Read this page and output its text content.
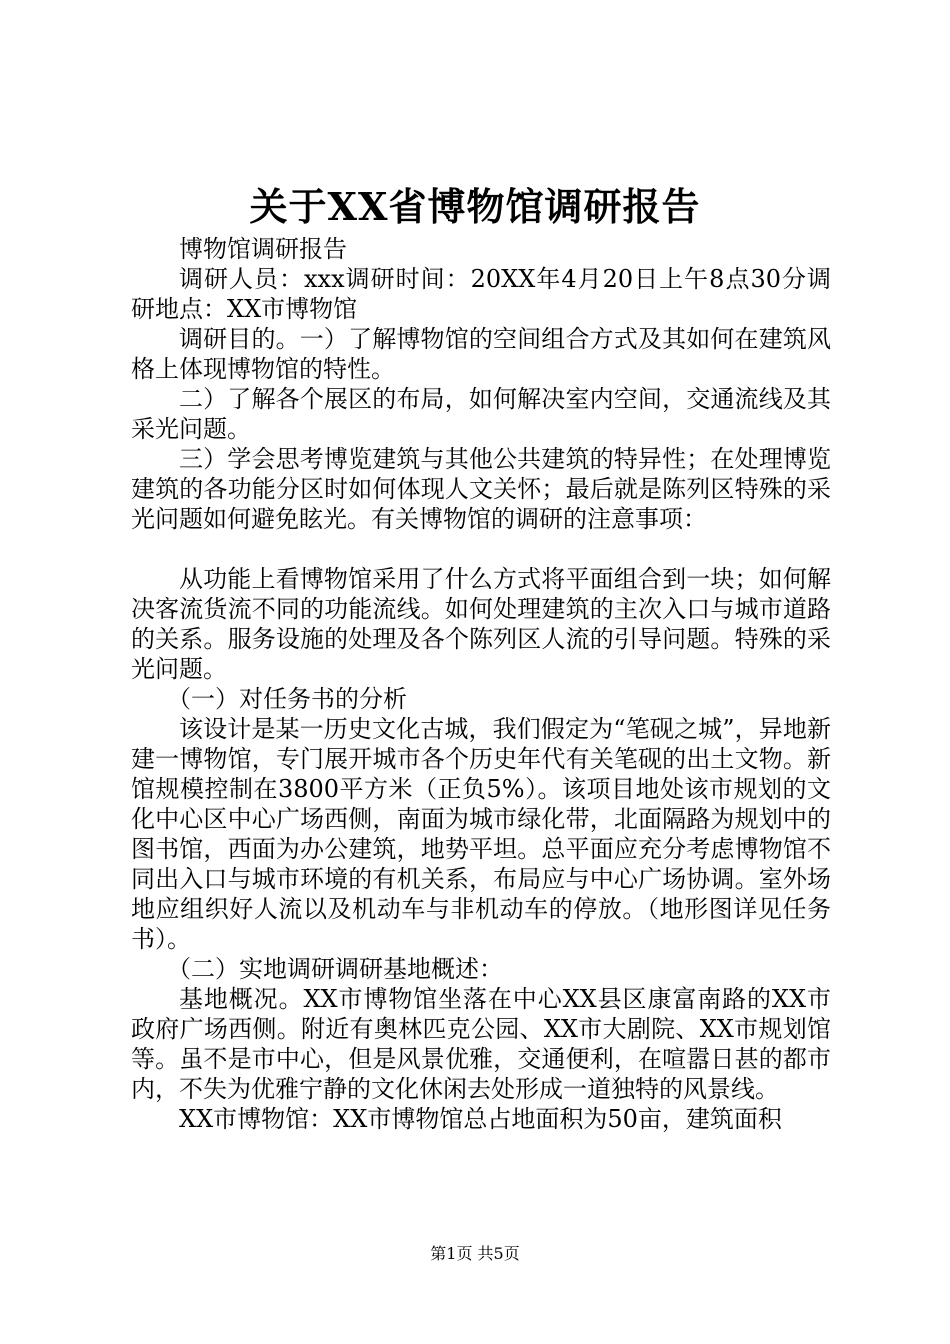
关于XX省博物馆调研报告

博物馆调研报告

调研人员：xxx调研时间：20XX年4月20日上午8点30分调研地点：XX市博物馆

调研目的。一）了解博物馆的空间组合方式及其如何在建筑风格上体现博物馆的特性。

二）了解各个展区的布局，如何解决室内空间，交通流线及其采光问题。

三）学会思考博览建筑与其他公共建筑的特异性；在处理博览建筑的各功能分区时如何体现人文关怀；最后就是陈列区特殊的采光问题如何避免眩光。有关博物馆的调研的注意事项：

从功能上看博物馆采用了什么方式将平面组合到一块；如何解决客流货流不同的功能流线。如何处理建筑的主次入口与城市道路的关系。服务设施的处理及各个陈列区人流的引导问题。特殊的采光问题。

（一）对任务书的分析

该设计是某一历史文化古城，我们假定为“笔砚之城”，异地新建一博物馆，专门展开城市各个历史年代有关笔砚的出土文物。新馆规模控制在3800平方米（正负5%）。该项目地处该市规划的文化中心区中心广场西侧，南面为城市绿化带，北面隔路为规划中的图书馆，西面为办公建筑，地势平坦。总平面应充分考虑博物馆不同出入口与城市环境的有机关系，布局应与中心广场协调。室外场地应组织好人流以及机动车与非机动车的停放。（地形图详见任务书）。

（二）实地调研调研基地概述：

基地概况。XX市博物馆坐落在中心XX县区康富南路的XX市政府广场西侧。附近有奥林匹克公园、XX市大剧院、XX市规划馆等。虽不是市中心，但是风景优雅，交通便利，在喧嚣日甚的都市内，不失为优雅宁静的文化休闲去处形成一道独特的风景线。

XX市博物馆：XX市博物馆总占地面积为50亩，建筑面积

第1页 共5页
